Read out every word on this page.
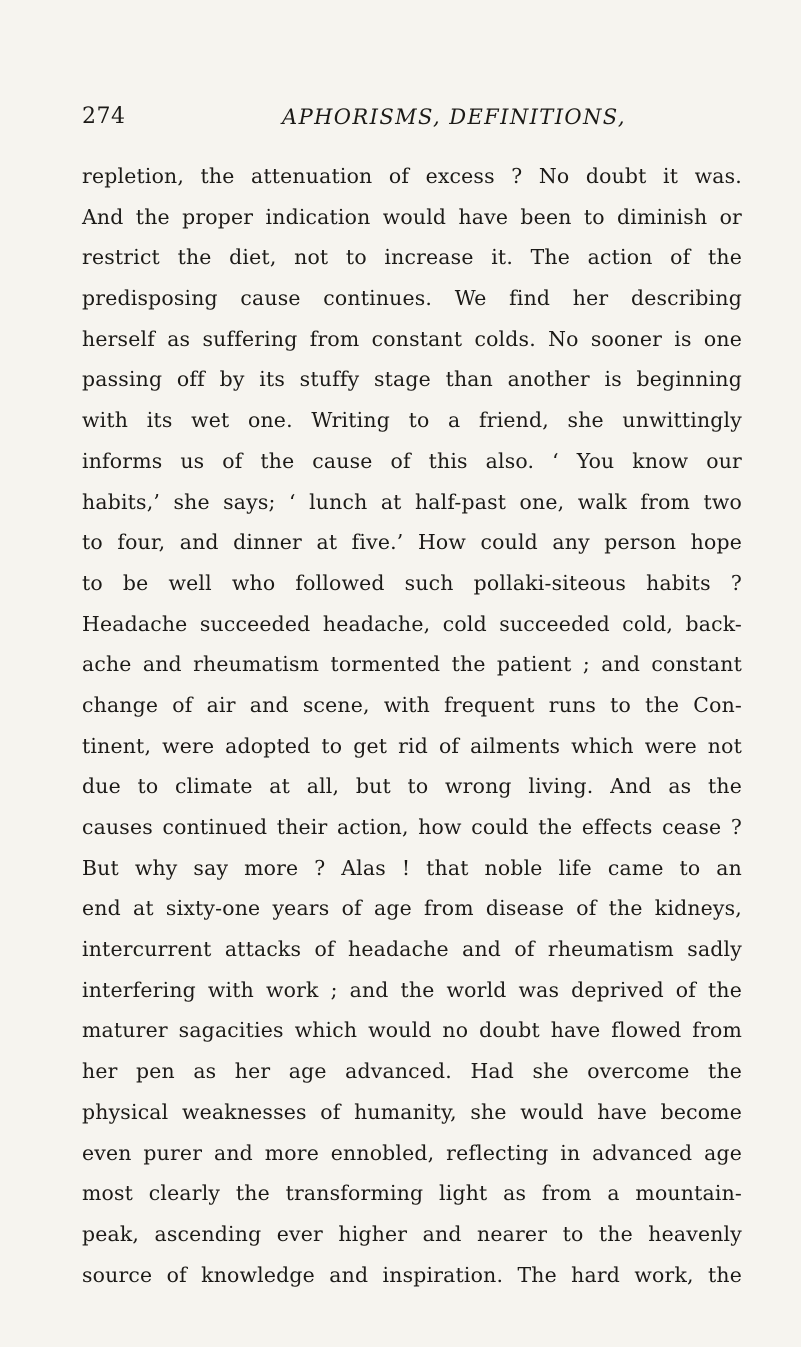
274	APHORISMS, DEFINITIONS,
repletion, the attenuation of excess ? No doubt it was.
And the proper indication would have been to diminish or
restrict the diet, not to increase it. The action of the
predisposing cause continues. We find her describing
herself as suffering from constant colds. No sooner is one
passing off by its stuffy stage than another is beginning
with its wet one. Writing to a friend, she unwittingly
informs us of the cause of this also. ‘ You know our
habits,’ she says; ‘ lunch at half-past one, walk from two
to four, and dinner at five.’ How could any person hope
to be well who followed such pollaki-siteous habits ?
Headache succeeded headache, cold succeeded cold, back-
ache and rheumatism tormented the patient ; and constant
change of air and scene, with frequent runs to the Con-
tinent, were adopted to get rid of ailments which were not
due to climate at all, but to wrong living. And as the
causes continued their action, how could the effects cease ?
But why say more ? Alas ! that noble life came to an
end at sixty-one years of age from disease of the kidneys,
intercurrent attacks of headache and of rheumatism sadly
interfering with work ; and the world was deprived of the
maturer sagacities which would no doubt have flowed from
her pen as her age advanced. Had she overcome the
physical weaknesses of humanity, she would have become
even purer and more ennobled, reflecting in advanced age
most clearly the transforming light as from a mountain-
peak, ascending ever higher and nearer to the heavenly
source of knowledge and inspiration. The hard work, the
